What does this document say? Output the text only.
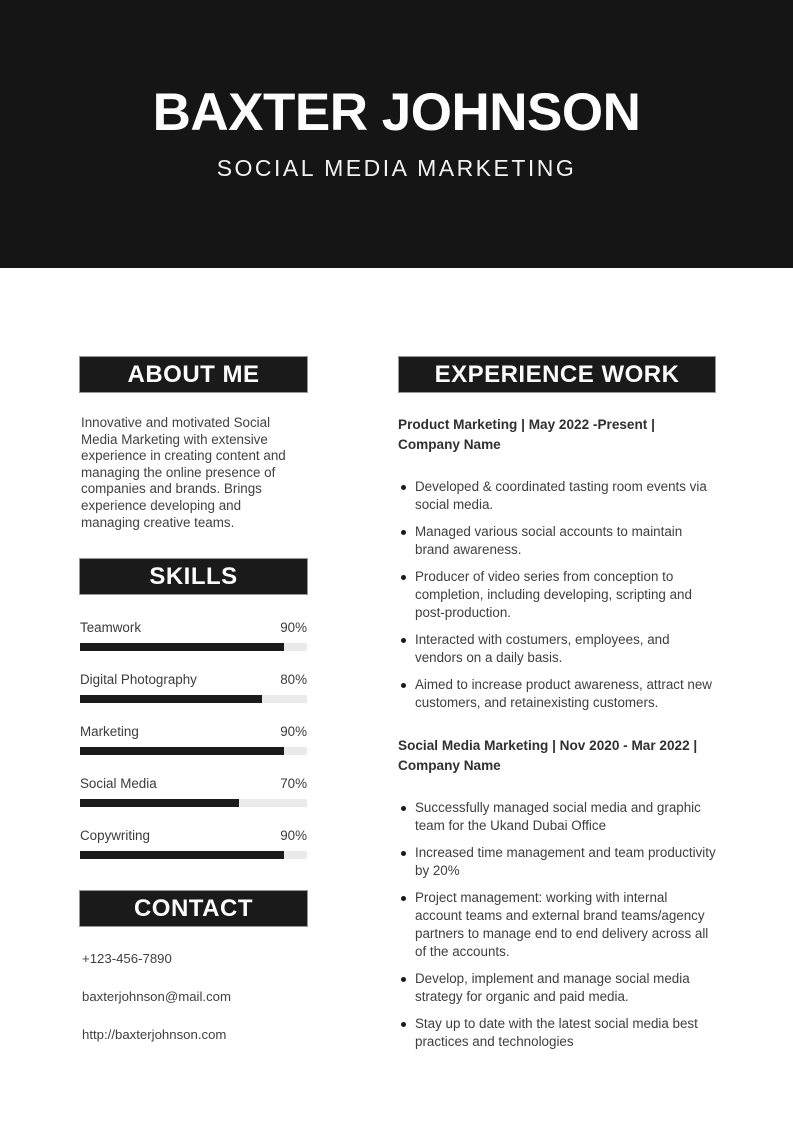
BAXTER JOHNSON
SOCIAL MEDIA MARKETING
ABOUT ME

Innovative and motivated Social Media Marketing with extensive experience in creating content and managing the online presence of companies and brands. Brings experience developing and managing creative teams.

SKILLS
Teamwork	90%
Digital Photography	80%
Marketing	90%
Social Media	70%
Copywriting	90%
CONTACT
+123-456-7890
baxterjohnson@mail.com
http://baxterjohnson.com
EXPERIENCE WORK
Product Marketing | May 2022 -Present |
Company Name
Developed & coordinated tasting room events via social media.
Managed various social accounts to maintain brand awareness.
Producer of video series from conception to completion, including developing, scripting and post-production.
Interacted with costumers, employees, and vendors on a daily basis.
Aimed to increase product awareness, attract new customers, and retainexisting customers.
Social Media Marketing | Nov 2020 - Mar 2022 |
Company Name
Successfully managed social media and graphic team for the Ukand Dubai Office
Increased time management and team productivity by 20%
Project management: working with internal account teams and external brand teams/agency partners to manage end to end delivery across all of the accounts.
Develop, implement and manage social media strategy for organic and paid media.
Stay up to date with the latest social media best practices and technologies
